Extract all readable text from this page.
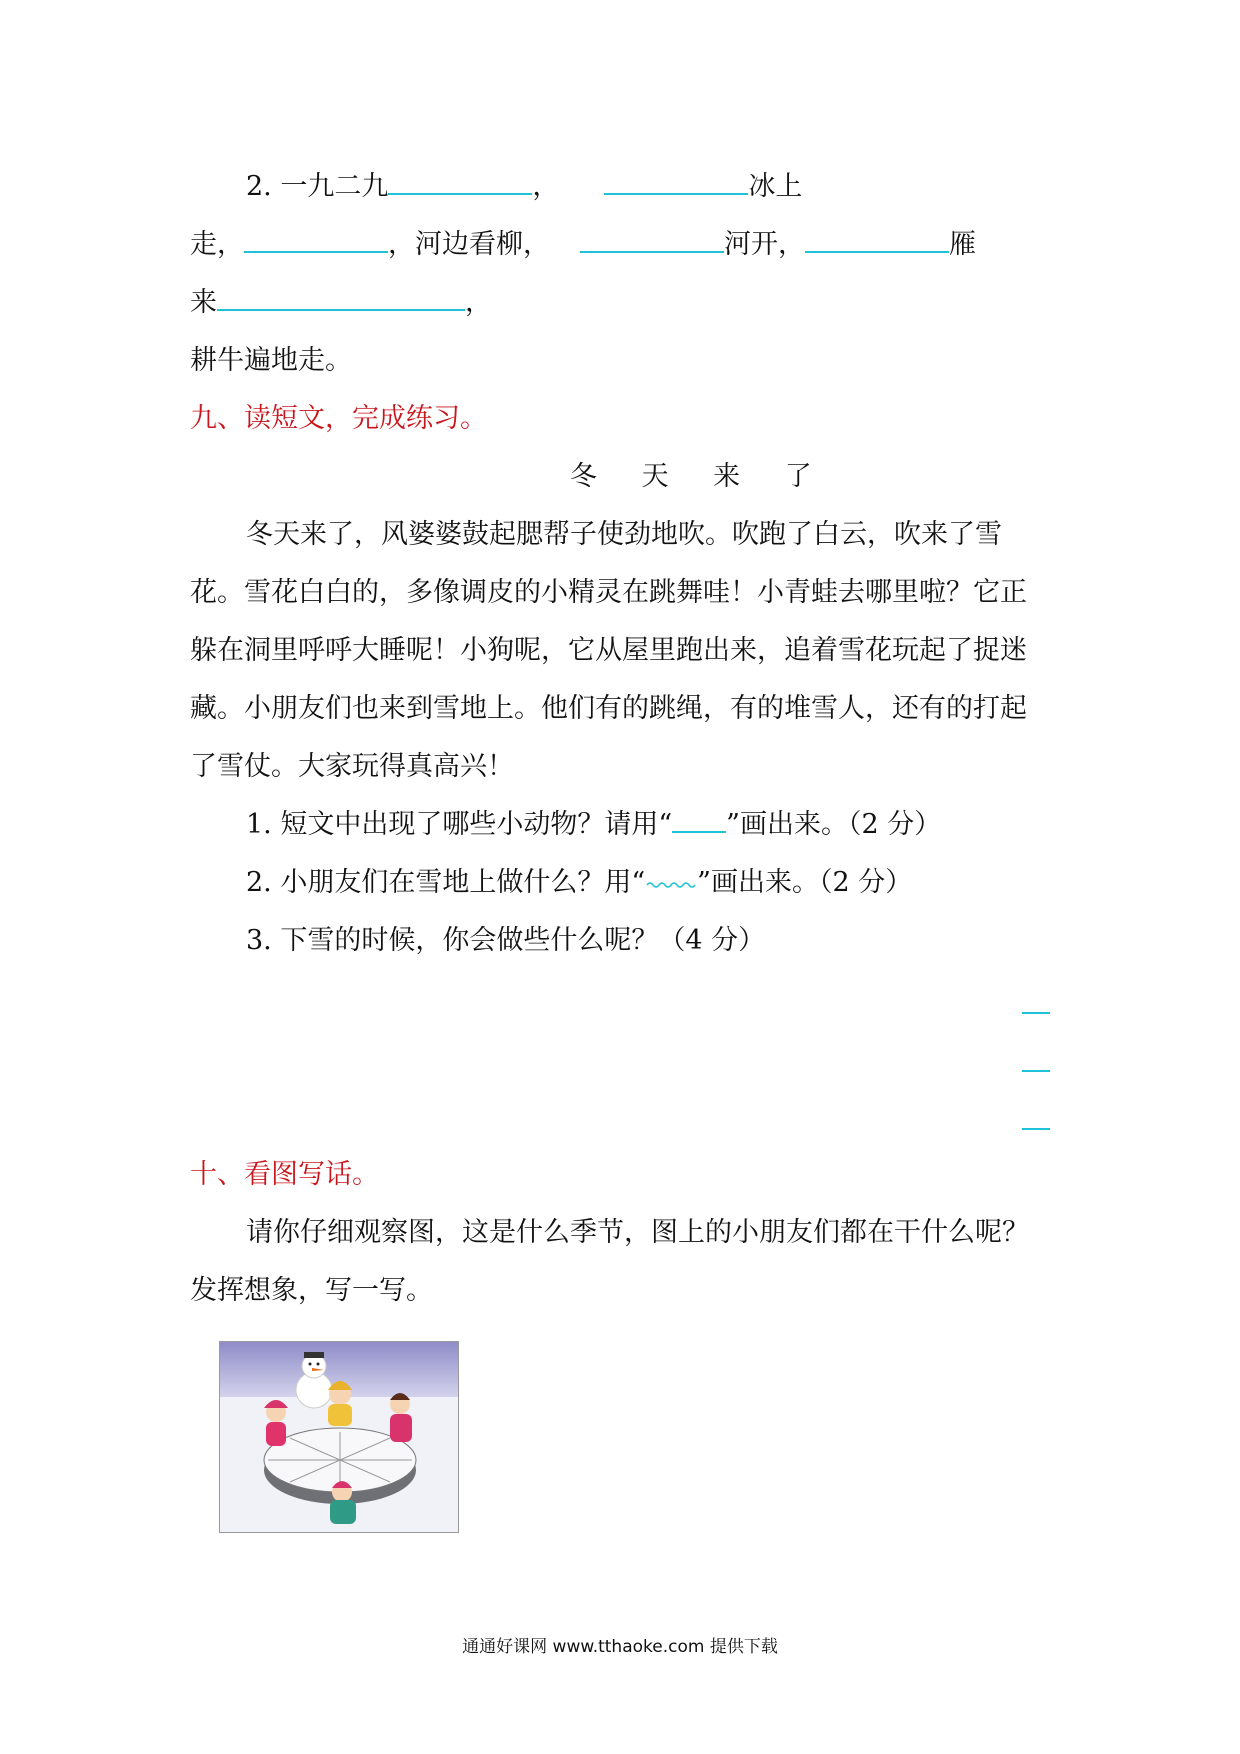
2. 一九二九	，	冰上
走，	，河边看柳，	河开，	雁
来	，
耕牛遍地走。
九、读短文，完成练习。
冬 天 来 了
冬天来了，风婆婆鼓起腮帮子使劲地吹。吹跑了白云，吹来了雪
花。雪花白白的，多像调皮的小精灵在跳舞哇！小青蛙去哪里啦？它正
躲在洞里呼呼大睡呢！小狗呢，它从屋里跑出来，追着雪花玩起了捉迷
藏。小朋友们也来到雪地上。他们有的跳绳，有的堆雪人，还有的打起
了雪仗。大家玩得真高兴！
1. 短文中出现了哪些小动物？请用“ ”画出来。（2 分）
2. 小朋友们在雪地上做什么？用“ ”画出来。（2 分）
3. 下雪的时候，你会做些什么呢？（4 分）
十、看图写话。
请你仔细观察图，这是什么季节，图上的小朋友们都在干什么呢？
发挥想象，写一写。
通通好课网 www.tthaoke.com 提供下载
